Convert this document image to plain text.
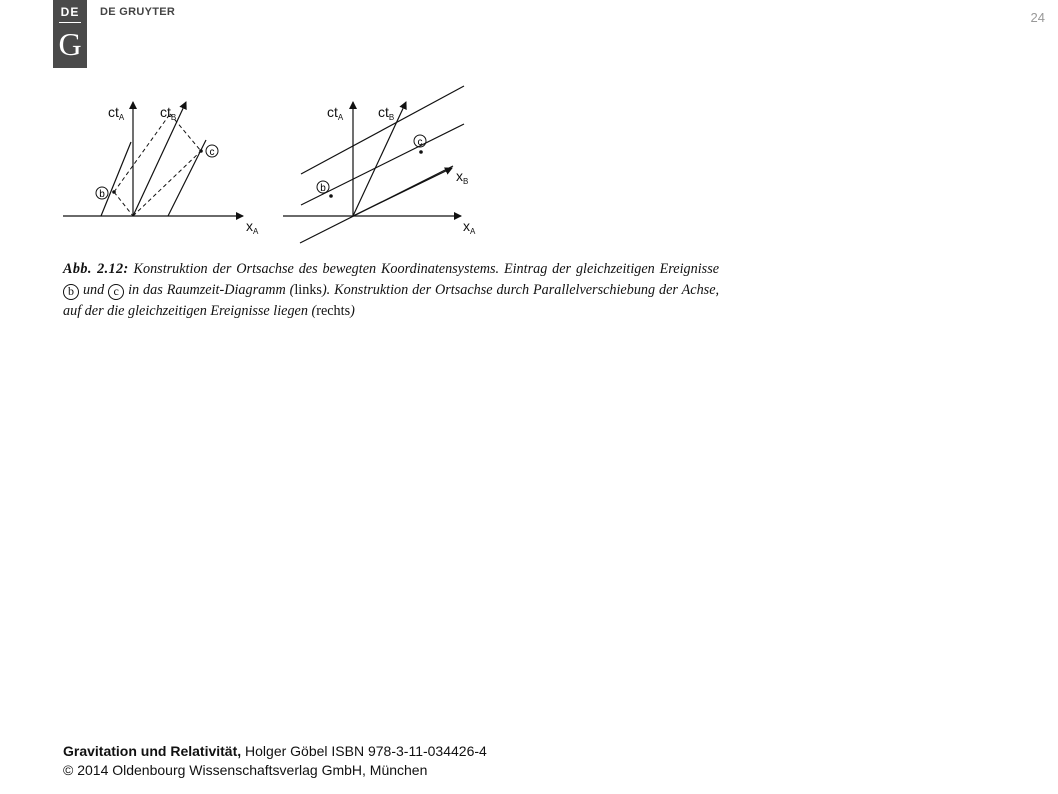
DE
G
DE GRUYTER	24
b
c
$ct_A$	$ct_B$
$x_A$
b
c
$ct_A$ $ct_B$
$x_B$
$x_A$
Abb. 2.12: Konstruktion der Ortsachse des bewegten Koordinatensystems. Eintrag der gleichzeitigen Ereignisse b und c in das Raumzeit-Diagramm (links). Konstruktion der Ortsachse durch Parallelverschiebung der Achse, auf der die gleichzeitigen Ereignisse liegen (rechts)
Gravitation und Relativität, Holger Göbel ISBN 978-3-11-034426-4
© 2014 Oldenbourg Wissenschaftsverlag GmbH, München
